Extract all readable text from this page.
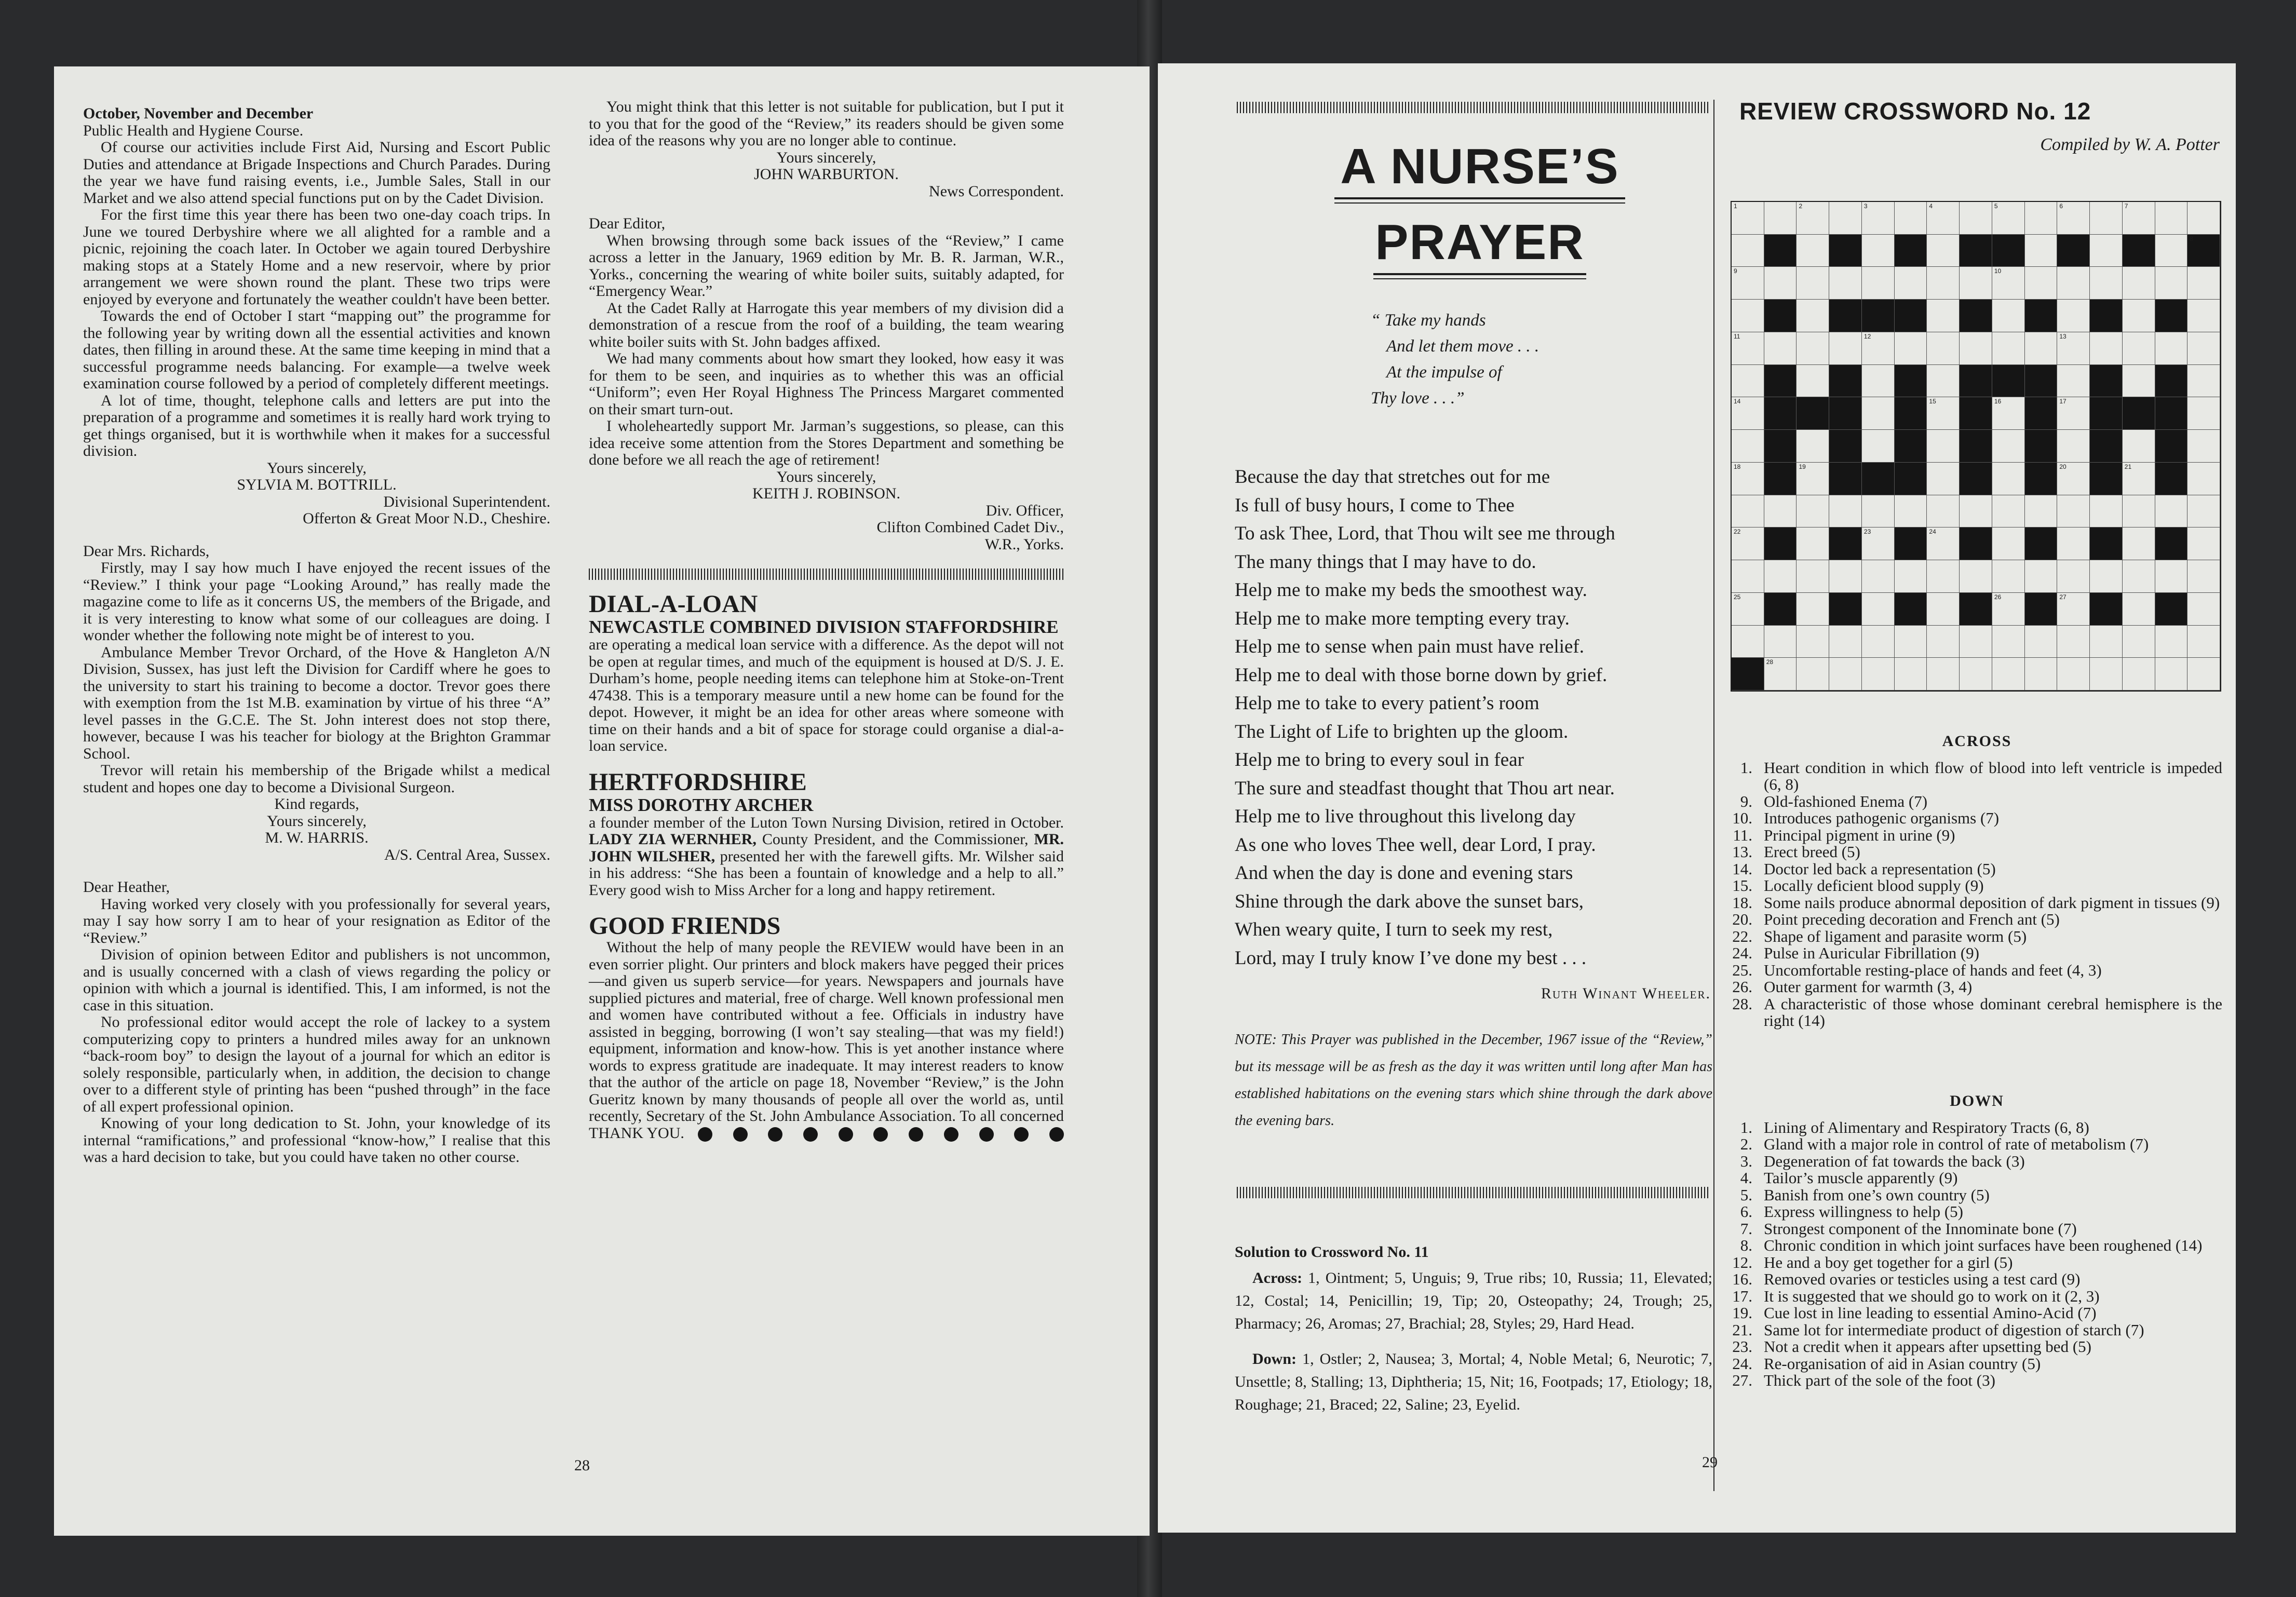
October, November and December

Public Health and Hygiene Course.

Of course our activities include First Aid, Nursing and Escort Public Duties and attendance at Brigade Inspections and Church Parades. During the year we have fund raising events, i.e., Jumble Sales, Stall in our Market and we also attend special functions put on by the Cadet Division.

For the first time this year there has been two one-day coach trips. In June we toured Derbyshire where we all alighted for a ramble and a picnic, rejoining the coach later. In October we again toured Derbyshire making stops at a Stately Home and a new reservoir, where by prior arrangement we were shown round the plant. These two trips were enjoyed by everyone and fortunately the weather couldn't have been better.

Towards the end of October I start “mapping out” the programme for the following year by writing down all the essential activities and known dates, then filling in around these. At the same time keeping in mind that a successful programme needs balancing. For example—a twelve week examination course followed by a period of completely different meetings.

A lot of time, thought, telephone calls and letters are put into the preparation of a programme and sometimes it is really hard work trying to get things organised, but it is worthwhile when it makes for a successful division.

Yours sincerely,

SYLVIA M. BOTTRILL.

Divisional Superintendent.

Offerton & Great Moor N.D., Cheshire.

Dear Mrs. Richards,

Firstly, may I say how much I have enjoyed the recent issues of the “Review.” I think your page “Looking Around,” has really made the magazine come to life as it concerns US, the members of the Brigade, and it is very interesting to know what some of our colleagues are doing. I wonder whether the following note might be of interest to you.

Ambulance Member Trevor Orchard, of the Hove & Hangleton A/N Division, Sussex, has just left the Division for Cardiff where he goes to the university to start his training to become a doctor. Trevor goes there with exemption from the 1st M.B. examination by virtue of his three “A” level passes in the G.C.E. The St. John interest does not stop there, however, because I was his teacher for biology at the Brighton Grammar School.

Trevor will retain his membership of the Brigade whilst a medical student and hopes one day to become a Divisional Surgeon.

Kind regards,

Yours sincerely,

M. W. HARRIS.

A/S. Central Area, Sussex.

Dear Heather,

Having worked very closely with you professionally for several years, may I say how sorry I am to hear of your resignation as Editor of the “Review.”

Division of opinion between Editor and publishers is not uncommon, and is usually concerned with a clash of views regarding the policy or opinion with which a journal is identified. This, I am informed, is not the case in this situation.

No professional editor would accept the role of lackey to a system computerizing copy to printers a hundred miles away for an unknown “back-room boy” to design the layout of a journal for which an editor is solely responsible, particularly when, in addition, the decision to change over to a different style of printing has been “pushed through” in the face of all expert professional opinion.

Knowing of your long dedication to St. John, your knowledge of its internal “ramifications,” and professional “know-how,” I realise that this was a hard decision to take, but you could have taken no other course.

You might think that this letter is not suitable for publication, but I put it to you that for the good of the “Review,” its readers should be given some idea of the reasons why you are no longer able to continue.

Yours sincerely,

JOHN WARBURTON.

News Correspondent.

Dear Editor,

When browsing through some back issues of the “Review,” I came across a letter in the January, 1969 edition by Mr. B. R. Jarman, W.R., Yorks., concerning the wearing of white boiler suits, suitably adapted, for “Emergency Wear.”

At the Cadet Rally at Harrogate this year members of my division did a demonstration of a rescue from the roof of a building, the team wearing white boiler suits with St. John badges affixed.

We had many comments about how smart they looked, how easy it was for them to be seen, and inquiries as to whether this was an official “Uniform”; even Her Royal Highness The Princess Margaret commented on their smart turn-out.

I wholeheartedly support Mr. Jarman’s suggestions, so please, can this idea receive some attention from the Stores Department and something be done before we all reach the age of retirement!

Yours sincerely,

KEITH J. ROBINSON.

Div. Officer,

Clifton Combined Cadet Div.,

W.R., Yorks.

DIAL-A-LOAN
NEWCASTLE COMBINED DIVISION STAFFORDSHIRE

are operating a medical loan service with a difference. As the depot will not be open at regular times, and much of the equipment is housed at D/S. J. E. Durham’s home, people needing items can telephone him at Stoke-on-Trent 47438. This is a temporary measure until a new home can be found for the depot. However, it might be an idea for other areas where someone with time on their hands and a bit of space for storage could organise a dial-a-loan service.

HERTFORDSHIRE
MISS DOROTHY ARCHER

a founder member of the Luton Town Nursing Division, retired in October. LADY ZIA WERNHER, County President, and the Commissioner, MR. JOHN WILSHER, presented her with the farewell gifts. Mr. Wilsher said in his address: “She has been a fountain of knowledge and a help to all.” Every good wish to Miss Archer for a long and happy retirement.

GOOD FRIENDS

Without the help of many people the REVIEW would have been in an even sorrier plight. Our printers and block makers have pegged their prices—and given us superb service—for years. Newspapers and journals have supplied pictures and material, free of charge. Well known professional men and women have contributed without a fee. Officials in industry have assisted in begging, borrowing (I won’t say stealing—that was my field!) equipment, information and know-how. This is yet another instance where words to express gratitude are inadequate. It may interest readers to know that the author of the article on page 18, November “Review,” is the John Gueritz known by many thousands of people all over the world as, until recently, Secretary of the St. John Ambulance Association. To all concerned THANK YOU.

28
A NURSE’S
PRAYER
“ Take my hands
And let them move . . .
At the impulse of
Thy love . . .”
Because the day that stretches out for me
Is full of busy hours, I come to Thee
To ask Thee, Lord, that Thou wilt see me through
The many things that I may have to do.
Help me to make my beds the smoothest way.
Help me to make more tempting every tray.
Help me to sense when pain must have relief.
Help me to deal with those borne down by grief.
Help me to take to every patient’s room
The Light of Life to brighten up the gloom.
Help me to bring to every soul in fear
The sure and steadfast thought that Thou art near.
Help me to live throughout this livelong day
As one who loves Thee well, dear Lord, I pray.
And when the day is done and evening stars
Shine through the dark above the sunset bars,
When weary quite, I turn to seek my rest,
Lord, may I truly know I’ve done my best . . .
Ruth Winant Wheeler.
NOTE: This Prayer was published in the December, 1967 issue of the “Review,” but its message will be as fresh as the day it was written until long after Man has established habitations on the evening stars which shine through the dark above the evening bars.
Solution to Crossword No. 11

Across: 1, Ointment; 5, Unguis; 9, True ribs; 10, Russia; 11, Elevated; 12, Costal; 14, Penicillin; 19, Tip; 20, Osteopathy; 24, Trough; 25, Pharmacy; 26, Aromas; 27, Brachial; 28, Styles; 29, Hard Head.

Down: 1, Ostler; 2, Nausea; 3, Mortal; 4, Noble Metal; 6, Neurotic; 7, Unsettle; 8, Stalling; 13, Diphtheria; 15, Nit; 16, Footpads; 17, Etiology; 18, Roughage; 21, Braced; 22, Saline; 23, Eyelid.

REVIEW CROSSWORD No. 12
Compiled by W. A. Potter
1	2	3	4	5	6	7
8
9	10
11	12	13
14	15	16	17
18	19	20	21
22	23	24
25	26	27
28
ACROSS
1. Heart condition in which flow of blood into left ventricle is impeded (6, 8)
9. Old-fashioned Enema (7)
10. Introduces pathogenic organisms (7)
11. Principal pigment in urine (9)
13. Erect breed (5)
14. Doctor led back a representation (5)
15. Locally deficient blood supply (9)
18. Some nails produce abnormal deposition of dark pigment in tissues (9)
20. Point preceding decoration and French ant (5)
22. Shape of ligament and parasite worm (5)
24. Pulse in Auricular Fibrillation (9)
25. Uncomfortable resting-place of hands and feet (4, 3)
26. Outer garment for warmth (3, 4)
28. A characteristic of those whose dominant cerebral hemisphere is the right (14)
DOWN
1. Lining of Alimentary and Respiratory Tracts (6, 8)
2. Gland with a major role in control of rate of metabolism (7)
3. Degeneration of fat towards the back (3)
4. Tailor’s muscle apparently (9)
5. Banish from one’s own country (5)
6. Express willingness to help (5)
7. Strongest component of the Innominate bone (7)
8. Chronic condition in which joint surfaces have been roughened (14)
12. He and a boy get together for a girl (5)
16. Removed ovaries or testicles using a test card (9)
17. It is suggested that we should go to work on it (2, 3)
19. Cue lost in line leading to essential Amino-Acid (7)
21. Same lot for intermediate product of digestion of starch (7)
23. Not a credit when it appears after upsetting bed (5)
24. Re-organisation of aid in Asian country (5)
27. Thick part of the sole of the foot (3)
29
